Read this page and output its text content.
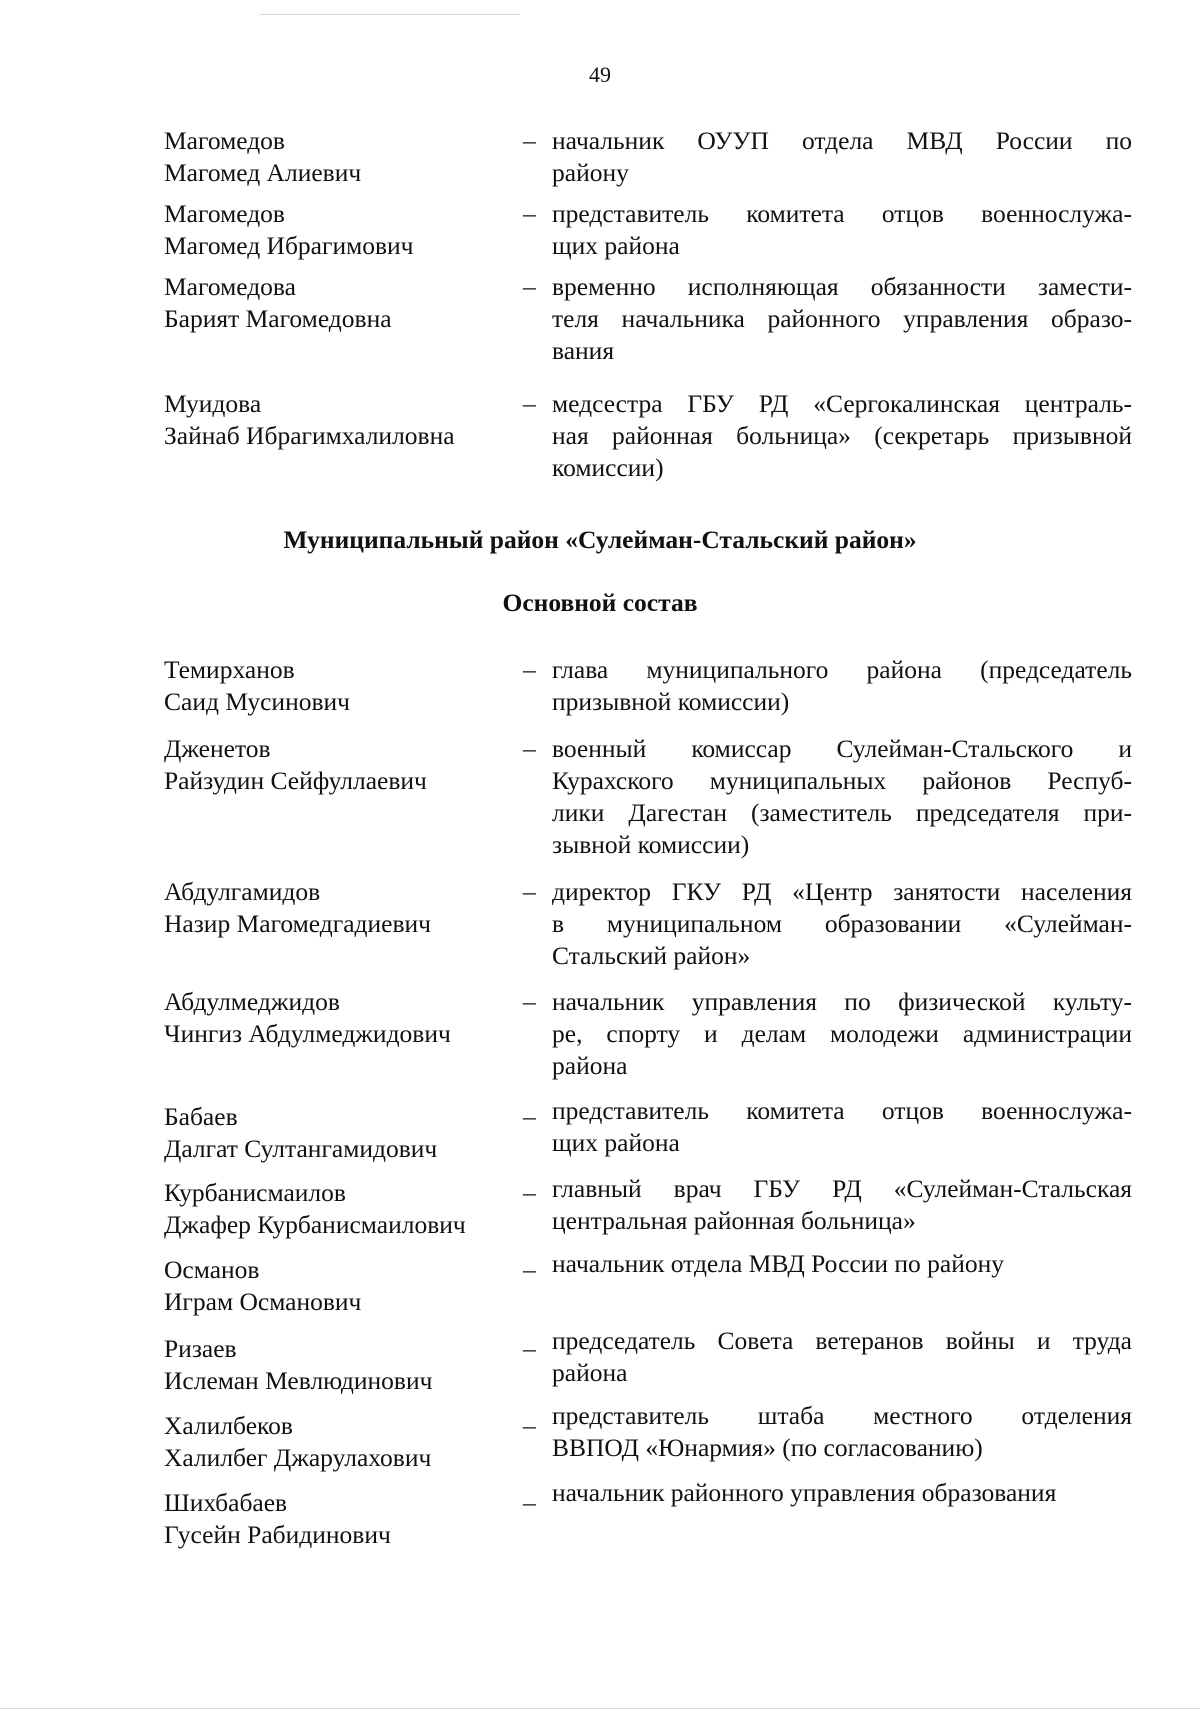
49
Магомедов
Магомед Алиевич
– начальник ОУУП отдела МВД России по
району
Магомедов
Магомед Ибрагимович
– представитель комитета отцов военнослужа-
щих района
Магомедова
Барият Магомедовна
– временно исполняющая обязанности замести-
теля начальника районного управления образо-
вания
Муидова
Зайнаб Ибрагимхалиловна
– медсестра ГБУ РД «Сергокалинская централь-
ная районная больница» (секретарь призывной
комиссии)
Муниципальный район «Сулейман-Стальский район»
Основной состав
Темирханов
Саид Мусинович
– глава муниципального района (председатель
призывной комиссии)
Дженетов
Райзудин Сейфуллаевич
– военный комиссар Сулейман-Стальского и
Курахского муниципальных районов Респуб-
лики Дагестан (заместитель председателя при-
зывной комиссии)
Абдулгамидов
Назир Магомедгадиевич
– директор ГКУ РД «Центр занятости населения
в муниципальном образовании «Сулейман-
Стальский район»
Абдулмеджидов
Чингиз Абдулмеджидович
– начальник управления по физической культу-
ре, спорту и делам молодежи администрации
района
Бабаев
Далгат Султангамидович
– представитель комитета отцов военнослужа-
щих района
Курбанисмаилов
Джафер Курбанисмаилович
– главный врач ГБУ РД «Сулейман-Стальская
центральная районная больница»
Османов
Играм Османович
– начальник отдела МВД России по району
Ризаев
Ислеман Мевлюдинович
– председатель Совета ветеранов войны и труда
района
Халилбеков
Халилбег Джарулахович
– представитель штаба местного отделения
ВВПОД «Юнармия» (по согласованию)
Шихбабаев
Гусейн Рабидинович
– начальник районного управления образования
